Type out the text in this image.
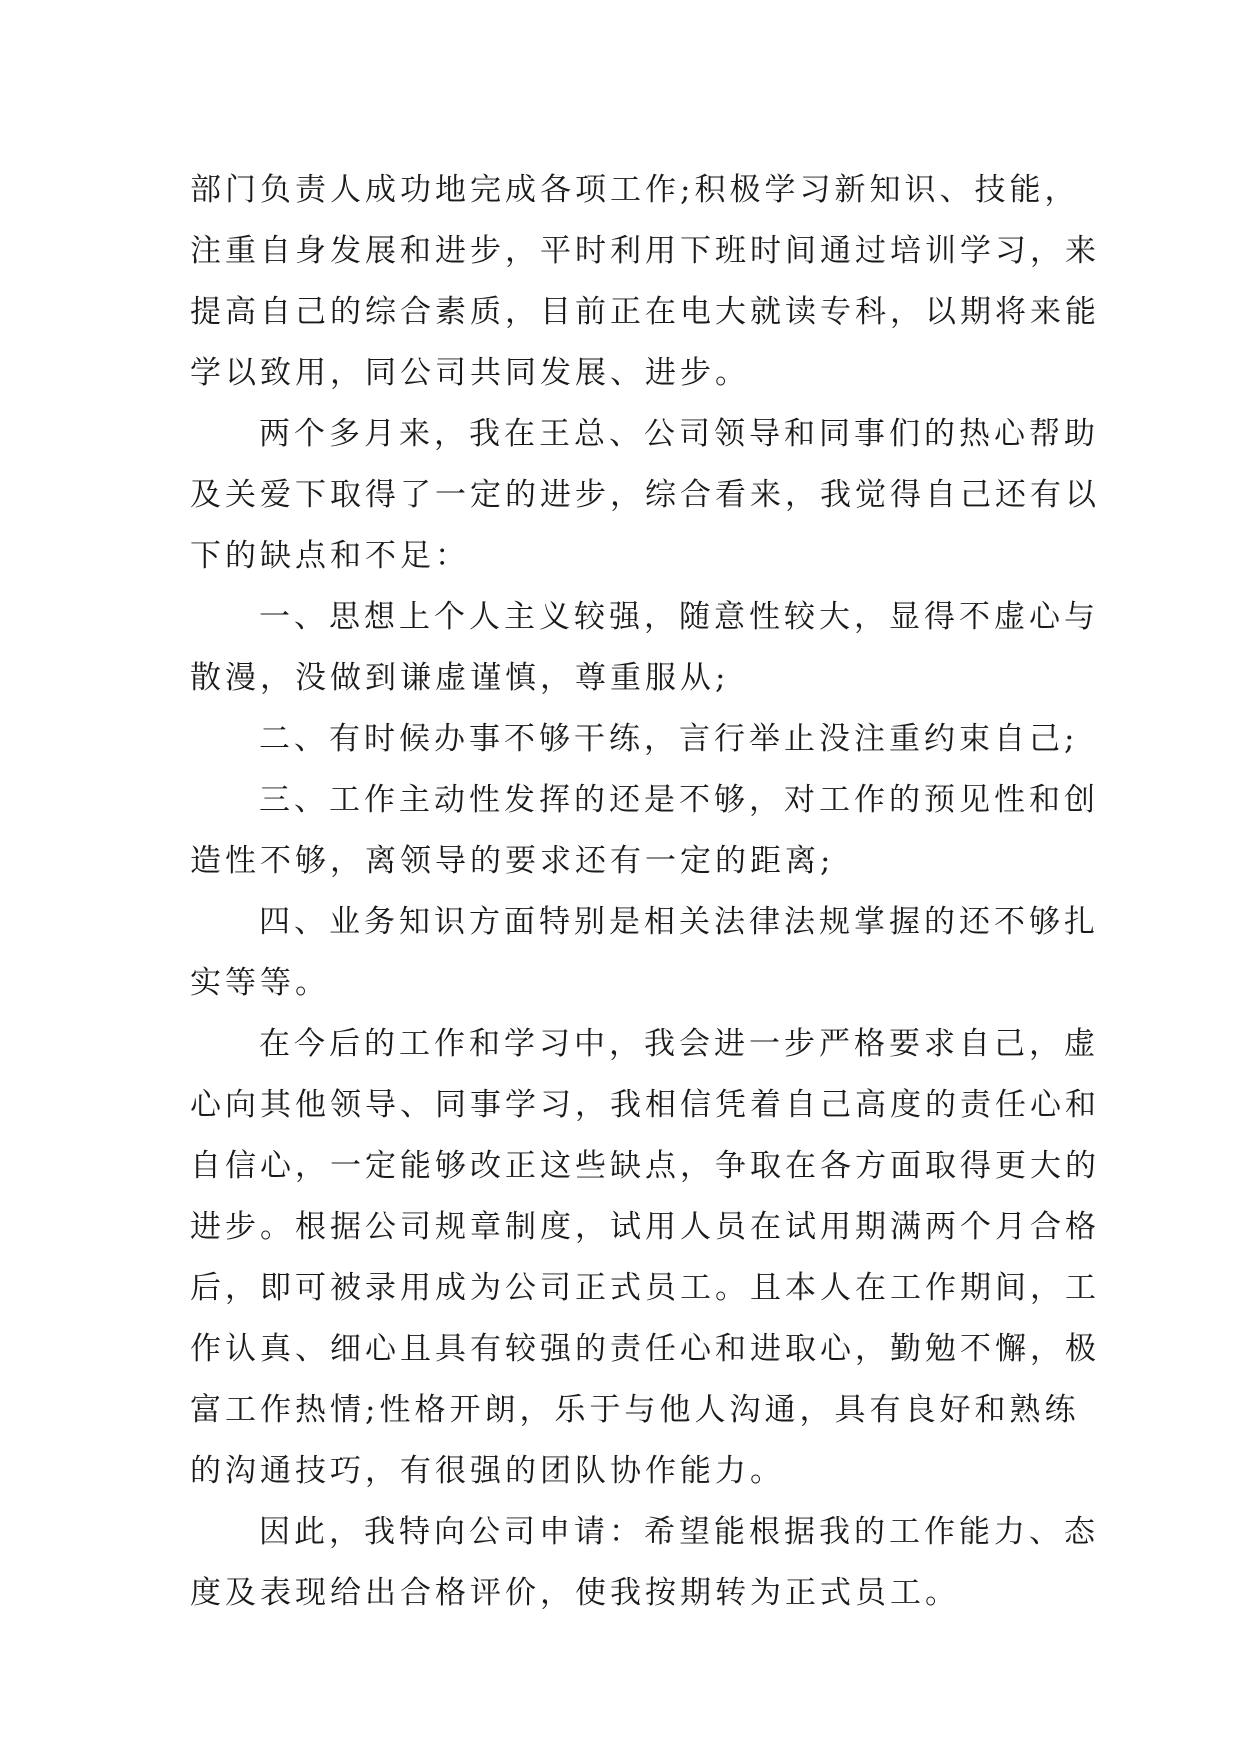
部门负责人成功地完成各项工作;积极学习新知识、技能，
注重自身发展和进步，平时利用下班时间通过培训学习，来
提高自己的综合素质，目前正在电大就读专科，以期将来能
学以致用，同公司共同发展、进步。
两个多月来，我在王总、公司领导和同事们的热心帮助
及关爱下取得了一定的进步，综合看来，我觉得自己还有以
下的缺点和不足：
一、思想上个人主义较强，随意性较大，显得不虚心与
散漫，没做到谦虚谨慎，尊重服从;
二、有时候办事不够干练，言行举止没注重约束自己;
三、工作主动性发挥的还是不够，对工作的预见性和创
造性不够，离领导的要求还有一定的距离;
四、业务知识方面特别是相关法律法规掌握的还不够扎
实等等。
在今后的工作和学习中，我会进一步严格要求自己，虚
心向其他领导、同事学习，我相信凭着自己高度的责任心和
自信心，一定能够改正这些缺点，争取在各方面取得更大的
进步。根据公司规章制度，试用人员在试用期满两个月合格
后，即可被录用成为公司正式员工。且本人在工作期间，工
作认真、细心且具有较强的责任心和进取心，勤勉不懈，极
富工作热情;性格开朗，乐于与他人沟通，具有良好和熟练
的沟通技巧，有很强的团队协作能力。
因此，我特向公司申请：希望能根据我的工作能力、态
度及表现给出合格评价，使我按期转为正式员工。
